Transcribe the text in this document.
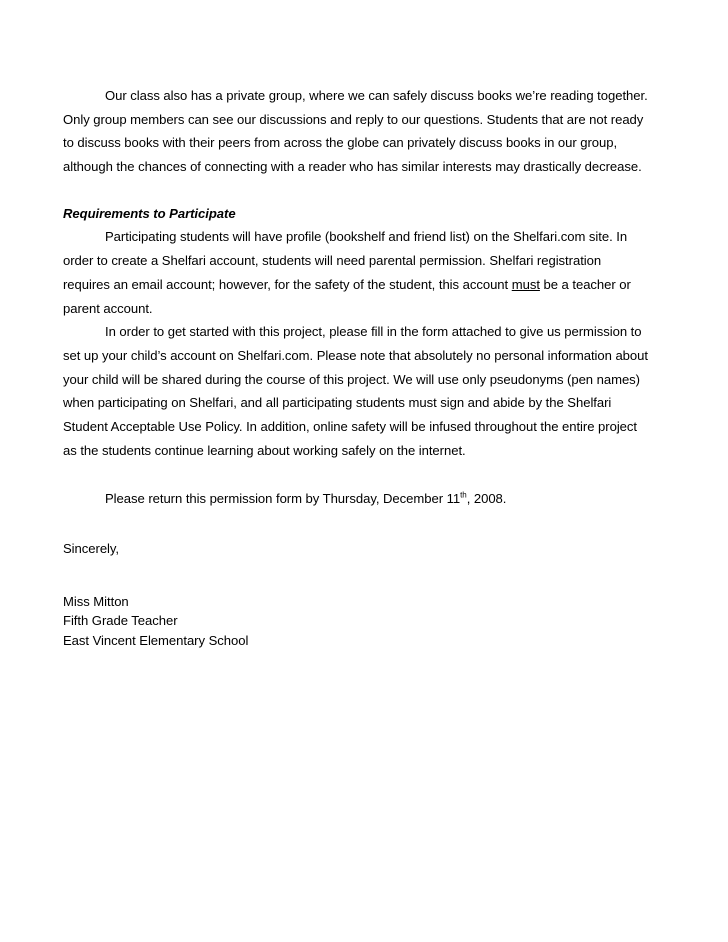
Our class also has a private group, where we can safely discuss books we’re reading together.
Only group members can see our discussions and reply to our questions. Students that are not ready
to discuss books with their peers from across the globe can privately discuss books in our group,
although the chances of connecting with a reader who has similar interests may drastically decrease.
Requirements to Participate
Participating students will have profile (bookshelf and friend list) on the Shelfari.com site. In
order to create a Shelfari account, students will need parental permission. Shelfari registration
requires an email account; however, for the safety of the student, this account must be a teacher or
parent account.
In order to get started with this project, please fill in the form attached to give us permission to
set up your child’s account on Shelfari.com. Please note that absolutely no personal information about
your child will be shared during the course of this project. We will use only pseudonyms (pen names)
when participating on Shelfari, and all participating students must sign and abide by the Shelfari
Student Acceptable Use Policy. In addition, online safety will be infused throughout the entire project
as the students continue learning about working safely on the internet.
Please return this permission form by Thursday, December 11th, 2008.
Sincerely,
Miss Mitton
Fifth Grade Teacher
East Vincent Elementary School
